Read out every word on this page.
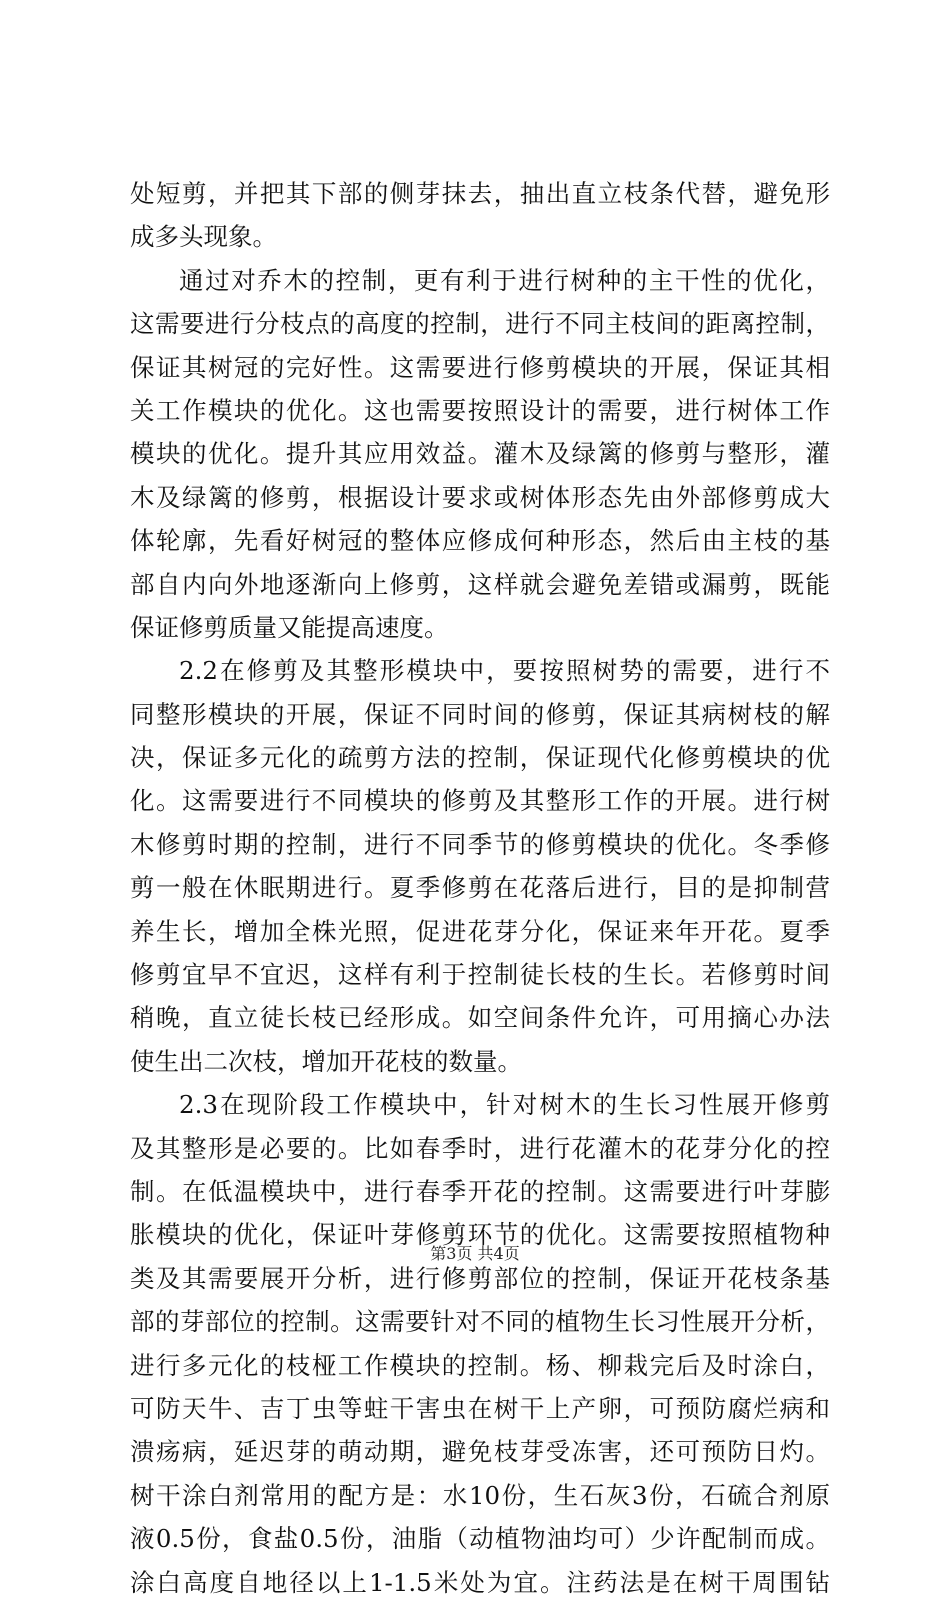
处短剪，并把其下部的侧芽抹去，抽出直立枝条代替，避免形
成多头现象。
通过对乔木的控制，更有利于进行树种的主干性的优化，
这需要进行分枝点的高度的控制，进行不同主枝间的距离控制，
保证其树冠的完好性。这需要进行修剪模块的开展，保证其相
关工作模块的优化。这也需要按照设计的需要，进行树体工作
模块的优化。提升其应用效益。灌木及绿篱的修剪与整形，灌
木及绿篱的修剪，根据设计要求或树体形态先由外部修剪成大
体轮廓，先看好树冠的整体应修成何种形态，然后由主枝的基
部自内向外地逐渐向上修剪，这样就会避免差错或漏剪，既能
保证修剪质量又能提高速度。
2.2在修剪及其整形模块中，要按照树势的需要，进行不
同整形模块的开展，保证不同时间的修剪，保证其病树枝的解
决，保证多元化的疏剪方法的控制，保证现代化修剪模块的优
化。这需要进行不同模块的修剪及其整形工作的开展。进行树
木修剪时期的控制，进行不同季节的修剪模块的优化。冬季修
剪一般在休眠期进行。夏季修剪在花落后进行，目的是抑制营
养生长，增加全株光照，促进花芽分化，保证来年开花。夏季
修剪宜早不宜迟，这样有利于控制徒长枝的生长。若修剪时间
稍晚，直立徒长枝已经形成。如空间条件允许，可用摘心办法
使生出二次枝，增加开花枝的数量。
2.3在现阶段工作模块中，针对树木的生长习性展开修剪
及其整形是必要的。比如春季时，进行花灌木的花芽分化的控
制。在低温模块中，进行春季开花的控制。这需要进行叶芽膨
胀模块的优化，保证叶芽修剪环节的优化。这需要按照植物种
类及其需要展开分析，进行修剪部位的控制，保证开花枝条基
部的芽部位的控制。这需要针对不同的植物生长习性展开分析，
进行多元化的枝桠工作模块的控制。杨、柳栽完后及时涂白，
可防天牛、吉丁虫等蛀干害虫在树干上产卵，可预防腐烂病和
溃疡病，延迟芽的萌动期，避免枝芽受冻害，还可预防日灼。
树干涂白剂常用的配方是：水10份，生石灰3份，石硫合剂原
液0.5份，食盐0.5份，油脂（动植物油均可）少许配制而成。
涂白高度自地径以上1-1.5米处为宜。注药法是在树干周围钻
第3页 共4页
